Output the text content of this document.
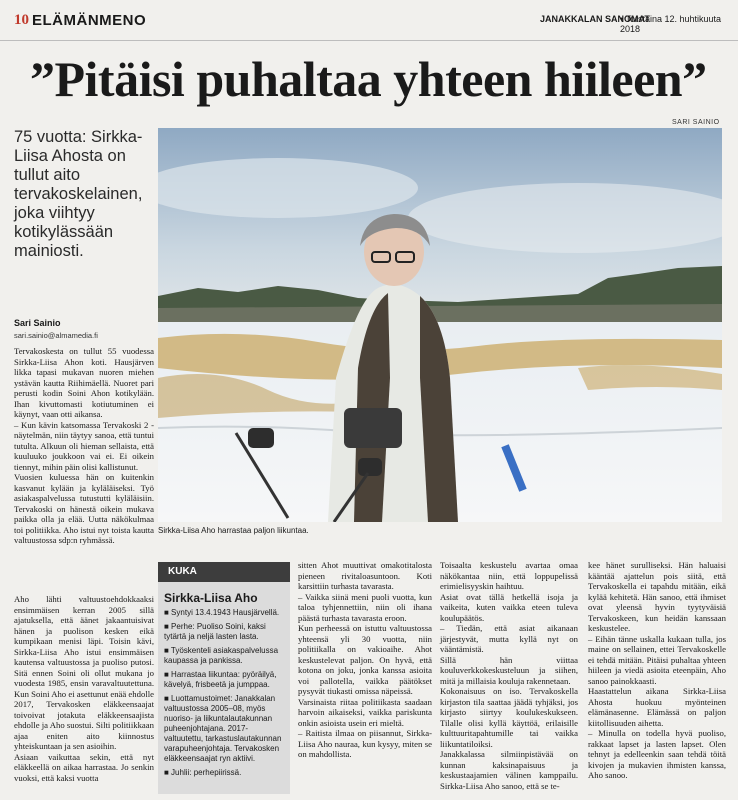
10 ELÄMÄNMENO	JANAKKALAN SANOMAT
• Torstaina 12. huhtikuuta 2018
”Pitäisi puhaltaa yhteen hiileen”
SARI SAINIO
75 vuotta: Sirkka-Liisa Ahosta on tullut aito tervakoskelainen, joka viihtyy kotikylässään mainiosti.
Sari Sainio
sari.sainio@almamedia.fi
Sirkka-Liisa Aho harrastaa paljon liikuntaa.

Tervakoskesta on tullut 55 vuodessa Sirkka-Liisa Ahon koti. Hausjärven likka tapasi mukavan nuoren miehen ystävän kautta Riihimäellä. Nuoret pari perusti kodin Soini Ahon kotikylään. Ihan kivuttomasti kotiutuminen ei käynyt, vaan otti aikansa.

– Kun kävin katsomassa Tervakoski 2 -näytelmän, niin täytyy sanoa, että tuntui tutulta. Alkuun oli hieman sellaista, että kuuluuko joukkoon vai ei. Ei oikein tiennyt, mihin päin olisi kallistunut.

Vuosien kuluessa hän on kuitenkin kasvanut kylään ja kyläläiseksi. Työ asiakaspalvelussa tutustutti kyläläisiin. Tervakoski on hänestä oikein mukava paikka olla ja elää. Uutta näkökulmaa toi politiikka. Aho istui nyt toista kautta valtuustossa sdp:n ryhmässä.

Aho lähti valtuustoehdokkaaksi ensimmäisen kerran 2005 sillä ajatuksella, että äänet jakaantuisivat hänen ja puolison kesken eikä kumpikaan menisi läpi. Toisin kävi, Sirkka-Liisa Aho istui ensimmäisen kautensa valtuustossa ja puoliso putosi. Sitä ennen Soini oli ollut mukana jo vuodesta 1985, ensin varavaltuutettuna. Kun Soini Aho ei asettunut enää ehdolle 2017, Tervakosken eläkkeensaajat toivoivat jotakuta eläkkeensaajista ehdolle ja Aho suostui. Silti politiikkaan ajaa eniten aito kiinnostus yhteiskuntaan ja sen asioihin.

Asiaan vaikuttaa sekin, että nyt eläkkeellä on aikaa harrastaa. Jo senkin vuoksi, että kaksi vuotta

KUKA
Sirkka-Liisa Aho
■ Syntyi 13.4.1943 Hausjärvellä.
■ Perhe: Puoliso Soini, kaksi tytärtä ja neljä lasten lasta.
■ Työskenteli asiakaspalvelussa kaupassa ja pankissa.
■ Harrastaa liikuntaa: pyöräilyä, kävelyä, frisbeetä ja jumppaa.
■ Luottamustoimet: Janakkalan valtuustossa 2005–08, myös nuoriso- ja liikuntalautakunnan puheenjohtajana. 2017- valtuutettu, tarkastuslautakunnan varapuheenjohtaja. Tervakosken eläkkeensaajat ryn aktiivi.
■ Juhlii: perhepiirissä.

sitten Ahot muuttivat omakotitalosta pieneen rivitaloasuntoon. Koti karsittiin turhasta tavarasta.

– Vaikka siinä meni puoli vuotta, kun taloa tyhjennettiin, niin oli ihana päästä turhasta tavarasta eroon.

Kun perheessä on istuttu valtuustossa yhteensä yli 30 vuotta, niin politiikalla on vakioaihe. Ahot keskustelevat paljon. On hyvä, että kotona on joku, jonka kanssa asioita voi pallotella, vaikka päätökset pysyvät tiukasti omissa näpeissä.

Varsinaista riitaa politiikasta saadaan harvoin aikaiseksi, vaikka pariskunta onkin asioista usein eri mieltä.

– Raitista ilmaa on piisannut, Sirkka-Liisa Aho nauraa, kun kysyy, miten se on mahdollista.

Toisaalta keskustelu avartaa omaa näkökantaa niin, että loppupelissä erimielisyyskin haihtuu.

Asiat ovat tällä hetkellä isoja ja vaikeita, kuten vaikka eteen tuleva koulupäätös.

– Tiedän, että asiat aikanaan järjestyvät, mutta kyllä nyt on vääntämistä.

Sillä hän viittaa kouluverkkokeskusteluun ja siihen, mitä ja millaisia kouluja rakennetaan.

Kokonaisuus on iso. Tervakoskella kirjaston tila saattaa jäädä tyhjäksi, jos kirjasto siirtyy koulukeskukseen. Tilalle olisi kyllä käyttöä, erilaisille kulttuuritapahtumille tai vaikka liikuntatiloiksi.

Janakkalassa silmiinpistävää on kunnan kaksinapaisuus ja keskustaajamien välinen kamppailu. Sirkka-Liisa Aho sanoo, että se te-

kee hänet surulliseksi. Hän haluaisi kääntää ajattelun pois siitä, että Tervakoskella ei tapahdu mitään, eikä kylää kehitetä. Hän sanoo, että ihmiset ovat yleensä hyvin tyytyväisiä Tervakoskeen, kun heidän kanssaan keskustelee.

– Eihän tänne uskalla kukaan tulla, jos maine on sellainen, ettei Tervakoskelle ei tehdä mitään. Pitäisi puhaltaa yhteen hiileen ja viedä asioita eteenpäin, Aho sanoo painokkaasti.

Haastattelun aikana Sirkka-Liisa Ahosta huokuu myönteinen elämänasenne. Elämässä on paljon kiitollisuuden aihetta.

– Minulla on todella hyvä puoliso, rakkaat lapset ja lasten lapset. Olen tehnyt ja edelleenkin saan tehdä töitä kivojen ja mukavien ihmisten kanssa, Aho sanoo.
